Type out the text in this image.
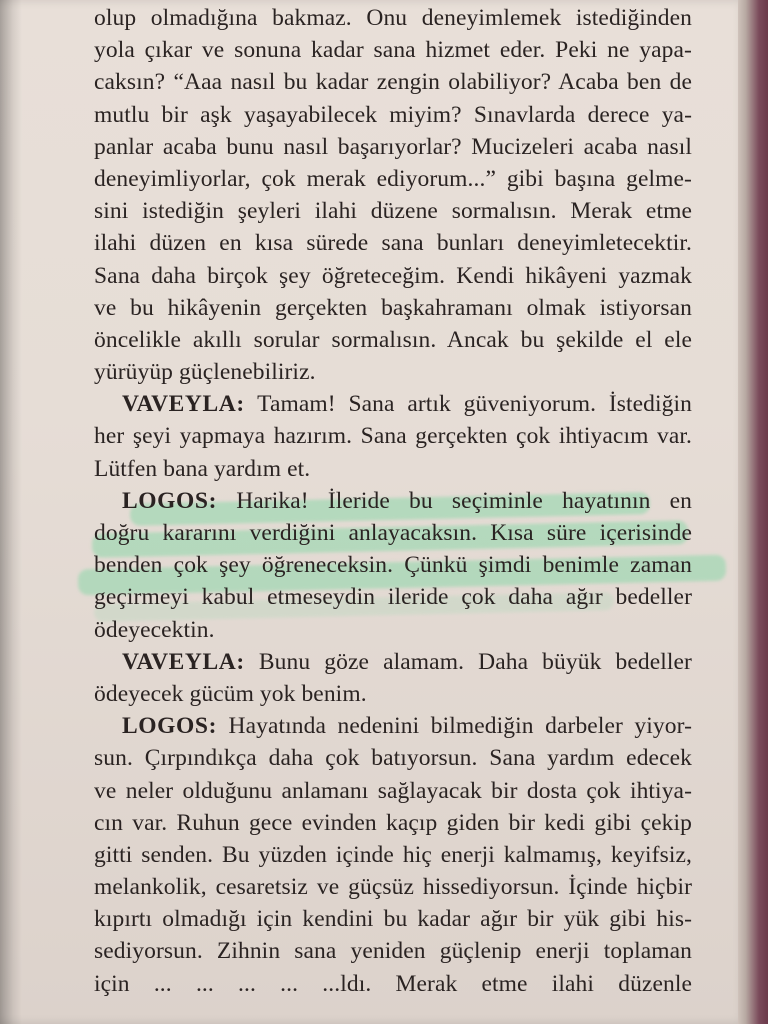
olup olmadığına bakmaz. Onu deneyimlemek istediğinden
yola çıkar ve sonuna kadar sana hizmet eder. Peki ne yapa-
caksın? “Aaa nasıl bu kadar zengin olabiliyor? Acaba ben de
mutlu bir aşk yaşayabilecek miyim? Sınavlarda derece ya-
panlar acaba bunu nasıl başarıyorlar? Mucizeleri acaba nasıl
deneyimliyorlar, çok merak ediyorum...” gibi başına gelme-
sini istediğin şeyleri ilahi düzene sormalısın. Merak etme
ilahi düzen en kısa sürede sana bunları deneyimletecektir.
Sana daha birçok şey öğreteceğim. Kendi hikâyeni yazmak
ve bu hikâyenin gerçekten başkahramanı olmak istiyorsan
öncelikle akıllı sorular sormalısın. Ancak bu şekilde el ele
yürüyüp güçlenebiliriz.
VAVEYLA: Tamam! Sana artık güveniyorum. İstediğin
her şeyi yapmaya hazırım. Sana gerçekten çok ihtiyacım var.
Lütfen bana yardım et.
LOGOS: Harika! İleride bu seçiminle hayatının en
doğru kararını verdiğini anlayacaksın. Kısa süre içerisinde
benden çok şey öğreneceksin. Çünkü şimdi benimle zaman
geçirmeyi kabul etmeseydin ileride çok daha ağır bedeller
ödeyecektin.
VAVEYLA: Bunu göze alamam. Daha büyük bedeller
ödeyecek gücüm yok benim.
LOGOS: Hayatında nedenini bilmediğin darbeler yiyor-
sun. Çırpındıkça daha çok batıyorsun. Sana yardım edecek
ve neler olduğunu anlamanı sağlayacak bir dosta çok ihtiya-
cın var. Ruhun gece evinden kaçıp giden bir kedi gibi çekip
gitti senden. Bu yüzden içinde hiç enerji kalmamış, keyifsiz,
melankolik, cesaretsiz ve güçsüz hissediyorsun. İçinde hiçbir
kıpırtı olmadığı için kendini bu kadar ağır bir yük gibi his-
sediyorsun. Zihnin sana yeniden güçlenip enerji toplaman
için ... ... ... ... ...ldı. Merak etme ilahi düzenle
